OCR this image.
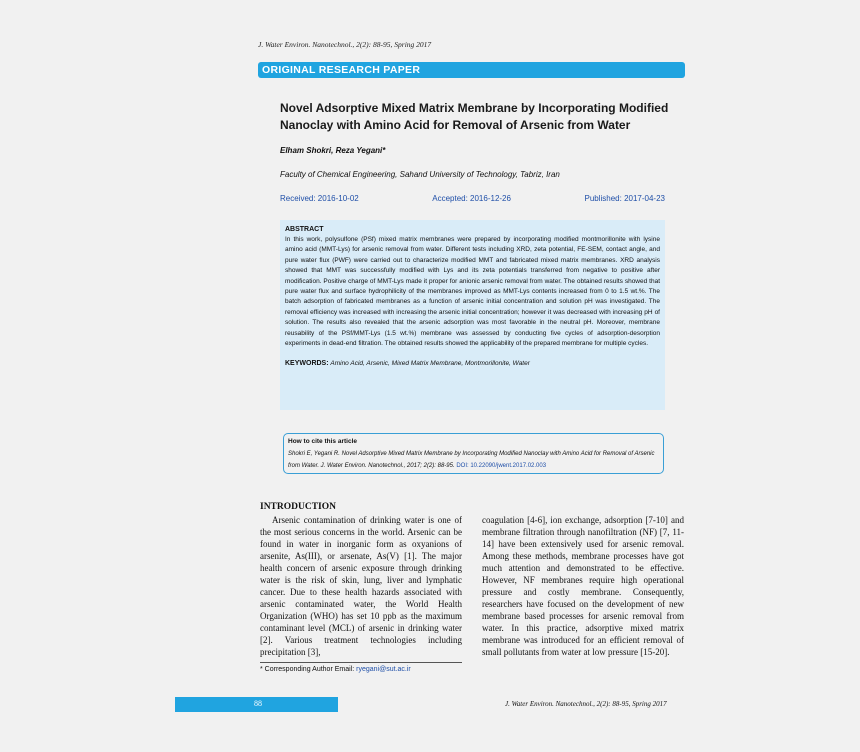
J. Water Environ. Nanotechnol., 2(2): 88-95, Spring 2017
ORIGINAL RESEARCH PAPER
Novel Adsorptive Mixed Matrix Membrane by Incorporating Modified Nanoclay with Amino Acid for Removal of Arsenic from Water
Elham Shokri, Reza Yegani*
Faculty of Chemical Engineering, Sahand University of Technology, Tabriz, Iran
Received: 2016-10-02	Accepted: 2016-12-26	Published: 2017-04-23
ABSTRACT

In this work, polysulfone (PSf) mixed matrix membranes were prepared by incorporating modified montmorillonite with lysine amino acid (MMT-Lys) for arsenic removal from water. Different tests including XRD, zeta potential, FE-SEM, contact angle, and pure water flux (PWF) were carried out to characterize modified MMT and fabricated mixed matrix membranes. XRD analysis showed that MMT was successfully modified with Lys and its zeta potentials transferred from negative to positive after modification. Positive charge of MMT-Lys made it proper for anionic arsenic removal from water. The obtained results showed that pure water flux and surface hydrophilicity of the membranes improved as MMT-Lys contents increased from 0 to 1.5 wt.%. The batch adsorption of fabricated membranes as a function of arsenic initial concentration and solution pH was investigated. The removal efficiency was increased with increasing the arsenic initial concentration; however it was decreased with increasing pH of solution. The results also revealed that the arsenic adsorption was most favorable in the neutral pH. Moreover, membrane reusability of the PSf/MMT-Lys (1.5 wt.%) membrane was assessed by conducting five cycles of adsorption-desorption experiments in dead-end filtration. The obtained results showed the applicability of the prepared membrane for multiple cycles.

KEYWORDS: Amino Acid, Arsenic, Mixed Matrix Membrane, Montmorillonite, Water
How to cite this article
Shokri E, Yegani R. Novel Adsorptive Mixed Matrix Membrane by Incorporating Modified Nanoclay with Amino Acid for Removal of Arsenic from Water. J. Water Environ. Nanotechnol., 2017; 2(2): 88-95. DOI: 10.22090/jwent.2017.02.003
INTRODUCTION

Arsenic contamination of drinking water is one of the most serious concerns in the world. Arsenic can be found in water in inorganic form as oxyanions of arsenite, As(III), or arsenate, As(V) [1]. The major health concern of arsenic exposure through drinking water is the risk of skin, lung, liver and lymphatic cancer. Due to these health hazards associated with arsenic contaminated water, the World Health Organization (WHO) has set 10 ppb as the maximum contaminant level (MCL) of arsenic in drinking water [2]. Various treatment technologies including precipitation [3],

coagulation [4-6], ion exchange, adsorption [7-10] and membrane filtration through nanofiltration (NF) [7, 11-14] have been extensively used for arsenic removal. Among these methods, membrane processes have got much attention and demonstrated to be effective. However, NF membranes require high operational pressure and costly membrane. Consequently, researchers have focused on the development of new membrane based processes for arsenic removal from water. In this practice, adsorptive mixed matrix membrane was introduced for an efficient removal of small pollutants from water at low pressure [15-20].

* Corresponding Author Email: ryegani@sut.ac.ir
88	J. Water Environ. Nanotechnol., 2(2): 88-95, Spring 2017
